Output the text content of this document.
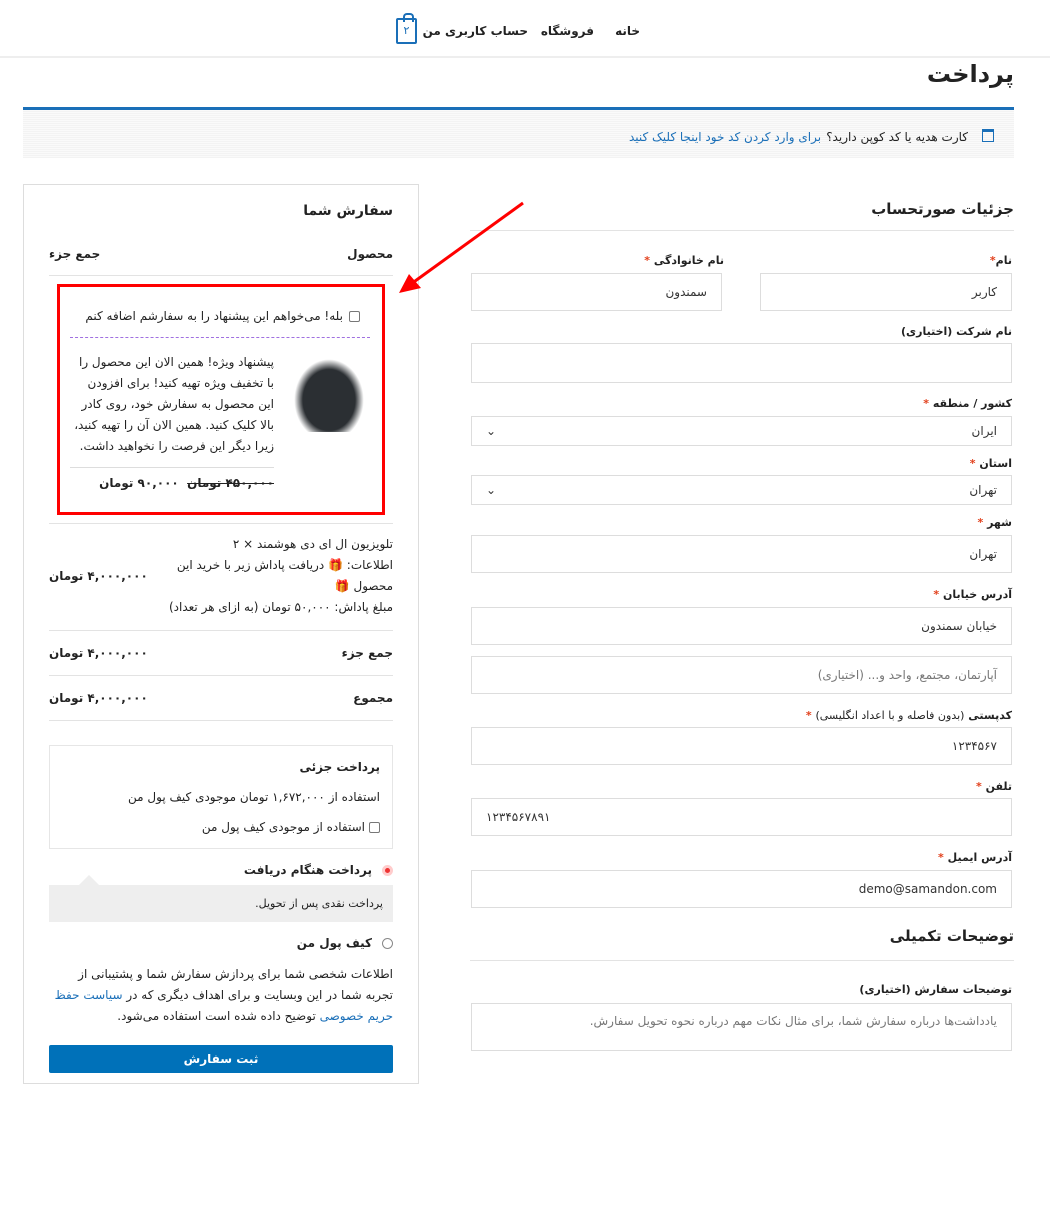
خانه
فروشگاه
حساب کاربری من
۲
پرداخت
کارت هدیه یا کد کوپن دارید؟ برای وارد کردن کد خود اینجا کلیک کنید
جزئیات صورتحساب
نام*
کاربر
نام خانوادگی *
سمندون
نام شرکت (اختیاری)
کشور / منطقه *
ایران
⌄
استان *
تهران
⌄
شهر *
تهران
آدرس خیابان *
خیابان سمندون
آپارتمان، مجتمع، واحد و... (اختیاری)
کدپستی (بدون فاصله و با اعداد انگلیسی) *
۱۲۳۴۵۶۷
تلفن *
۱۲۳۴۵۶۷۸۹۱
آدرس ایمیل *
demo@samandon.com
توضیحات تکمیلی
توضیحات سفارش (اختیاری)
یادداشت‌ها درباره سفارش شما، برای مثال نکات مهم درباره نحوه تحویل سفارش.
سفارش شما
محصول
جمع جزء
بله! می‌خواهم این پیشنهاد را به سفارشم اضافه کنم
پیشنهاد ویژه! همین الان این محصول را با تخفیف ویژه تهیه کنید! برای افزودن این محصول به سفارش خود، روی کادر بالا کلیک کنید. همین الان آن را تهیه کنید، زیرا دیگر این فرصت را نخواهید داشت.
۴۵۰,۰۰۰ تومان  ۹۰,۰۰۰ تومان
تلویزیون ال ای دی هوشمند × ۲
اطلاعات: 🎁 دریافت پاداش زیر با خرید این
محصول 🎁
مبلغ پاداش: ۵۰,۰۰۰ تومان (به ازای هر تعداد)
۴,۰۰۰,۰۰۰ تومان
جمع جزء
۴,۰۰۰,۰۰۰ تومان
مجموع
۴,۰۰۰,۰۰۰ تومان
پرداخت جزئی
استفاده از ۱,۶۷۲,۰۰۰ تومان موجودی کیف پول من
استفاده از موجودی کیف پول من
پرداخت هنگام دریافت
پرداخت نقدی پس از تحویل.
کیف پول من
اطلاعات شخصی شما برای پردازش سفارش شما و پشتیبانی از تجربه شما در این وبسایت و برای اهداف دیگری که در سیاست حفظ حریم خصوصی توضیح داده شده است استفاده می‌شود.
ثبت سفارش
